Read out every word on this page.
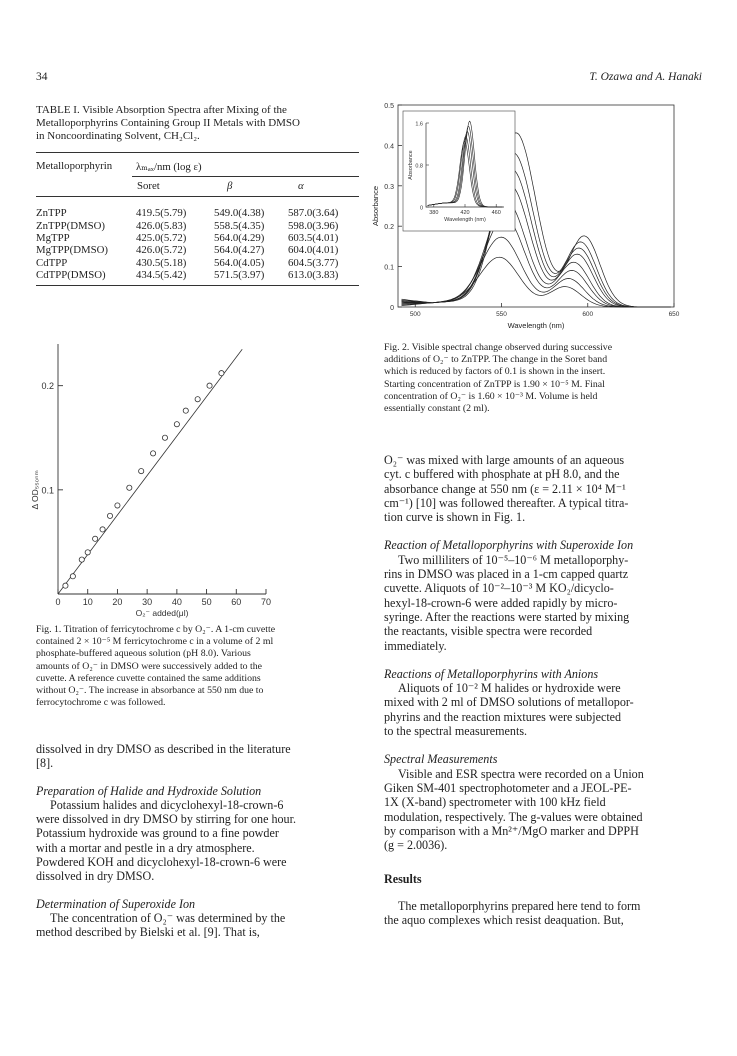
34	T. Ozawa and A. Hanaki
TABLE I. Visible Absorption Spectra after Mixing of the
Metalloporphyrins Containing Group II Metals with DMSO
in Noncoordinating Solvent, CH₂Cl₂.
Metalloporphyrin λₘₐₓ/nm (log ε)
Soret	β	α
ZnTPP	419.5(5.79)	549.0(4.38)	587.0(3.64)
ZnTPP(DMSO)	426.0(5.83)	558.5(4.35)	598.0(3.96)
MgTPP	425.0(5.72)	564.0(4.29)	603.5(4.01)
MgTPP(DMSO)	426.0(5.72)	564.0(4.27)	604.0(4.01)
CdTPP	430.5(5.18)	564.0(4.05)	604.5(3.77)
CdTPP(DMSO)	434.5(5.42)	571.5(3.97)	613.0(3.83)
0
0.1
0.2
0.3
0.4
0.5
500	550	600	650
Wavelength (nm)
Absorbance	0
0.8
1.6
380	420	460
Wavelength (nm)
Absorbance
Fig. 2. Visible spectral change observed during successive
additions of O₂⁻ to ZnTPP. The change in the Soret band
which is reduced by factors of 0.1 is shown in the insert.
Starting concentration of ZnTPP is 1.90 × 10⁻⁵ M. Final
concentration of O₂⁻ is 1.60 × 10⁻³ M. Volume is held
essentially constant (2 ml).
0.1
0.2
0 10 20 30 40 50 60 70
O₂⁻ added(μl)
Δ OD₅₅₀ₙₘ
Fig. 1. Titration of ferricytochrome c by O₂⁻. A 1-cm cuvette
contained 2 × 10⁻⁵ M ferricytochrome c in a volume of 2 ml
phosphate-buffered aqueous solution (pH 8.0). Various
amounts of O₂⁻ in DMSO were successively added to the
cuvette. A reference cuvette contained the same additions
without O₂⁻. The increase in absorbance at 550 nm due to
ferrocytochrome c was followed.
dissolved in dry DMSO as described in the literature
[8].
Preparation of Halide and Hydroxide Solution
Potassium halides and dicyclohexyl-18-crown-6
were dissolved in dry DMSO by stirring for one hour.
Potassium hydroxide was ground to a fine powder
with a mortar and pestle in a dry atmosphere.
Powdered KOH and dicyclohexyl-18-crown-6 were
dissolved in dry DMSO.
Determination of Superoxide Ion
The concentration of O₂⁻ was determined by the
method described by Bielski et al. [9]. That is,
O₂⁻ was mixed with large amounts of an aqueous
cyt. c buffered with phosphate at pH 8.0, and the
absorbance change at 550 nm (ε = 2.11 × 10⁴ M⁻¹
cm⁻¹) [10] was followed thereafter. A typical titra-
tion curve is shown in Fig. 1.
Reaction of Metalloporphyrins with Superoxide Ion
Two milliliters of 10⁻⁵–10⁻⁶ M metalloporphy-
rins in DMSO was placed in a 1-cm capped quartz
cuvette. Aliquots of 10⁻²–10⁻³ M KO₂/dicyclo-
hexyl-18-crown-6 were added rapidly by micro-
syringe. After the reactions were started by mixing
the reactants, visible spectra were recorded
immediately.
Reactions of Metalloporphyrins with Anions
Aliquots of 10⁻² M halides or hydroxide were
mixed with 2 ml of DMSO solutions of metallopor-
phyrins and the reaction mixtures were subjected
to the spectral measurements.
Spectral Measurements
Visible and ESR spectra were recorded on a Union
Giken SM-401 spectrophotometer and a JEOL-PE-
1X (X-band) spectrometer with 100 kHz field
modulation, respectively. The g-values were obtained
by comparison with a Mn²⁺/MgO marker and DPPH
(g = 2.0036).
Results
The metalloporphyrins prepared here tend to form
the aquo complexes which resist deaquation. But,
